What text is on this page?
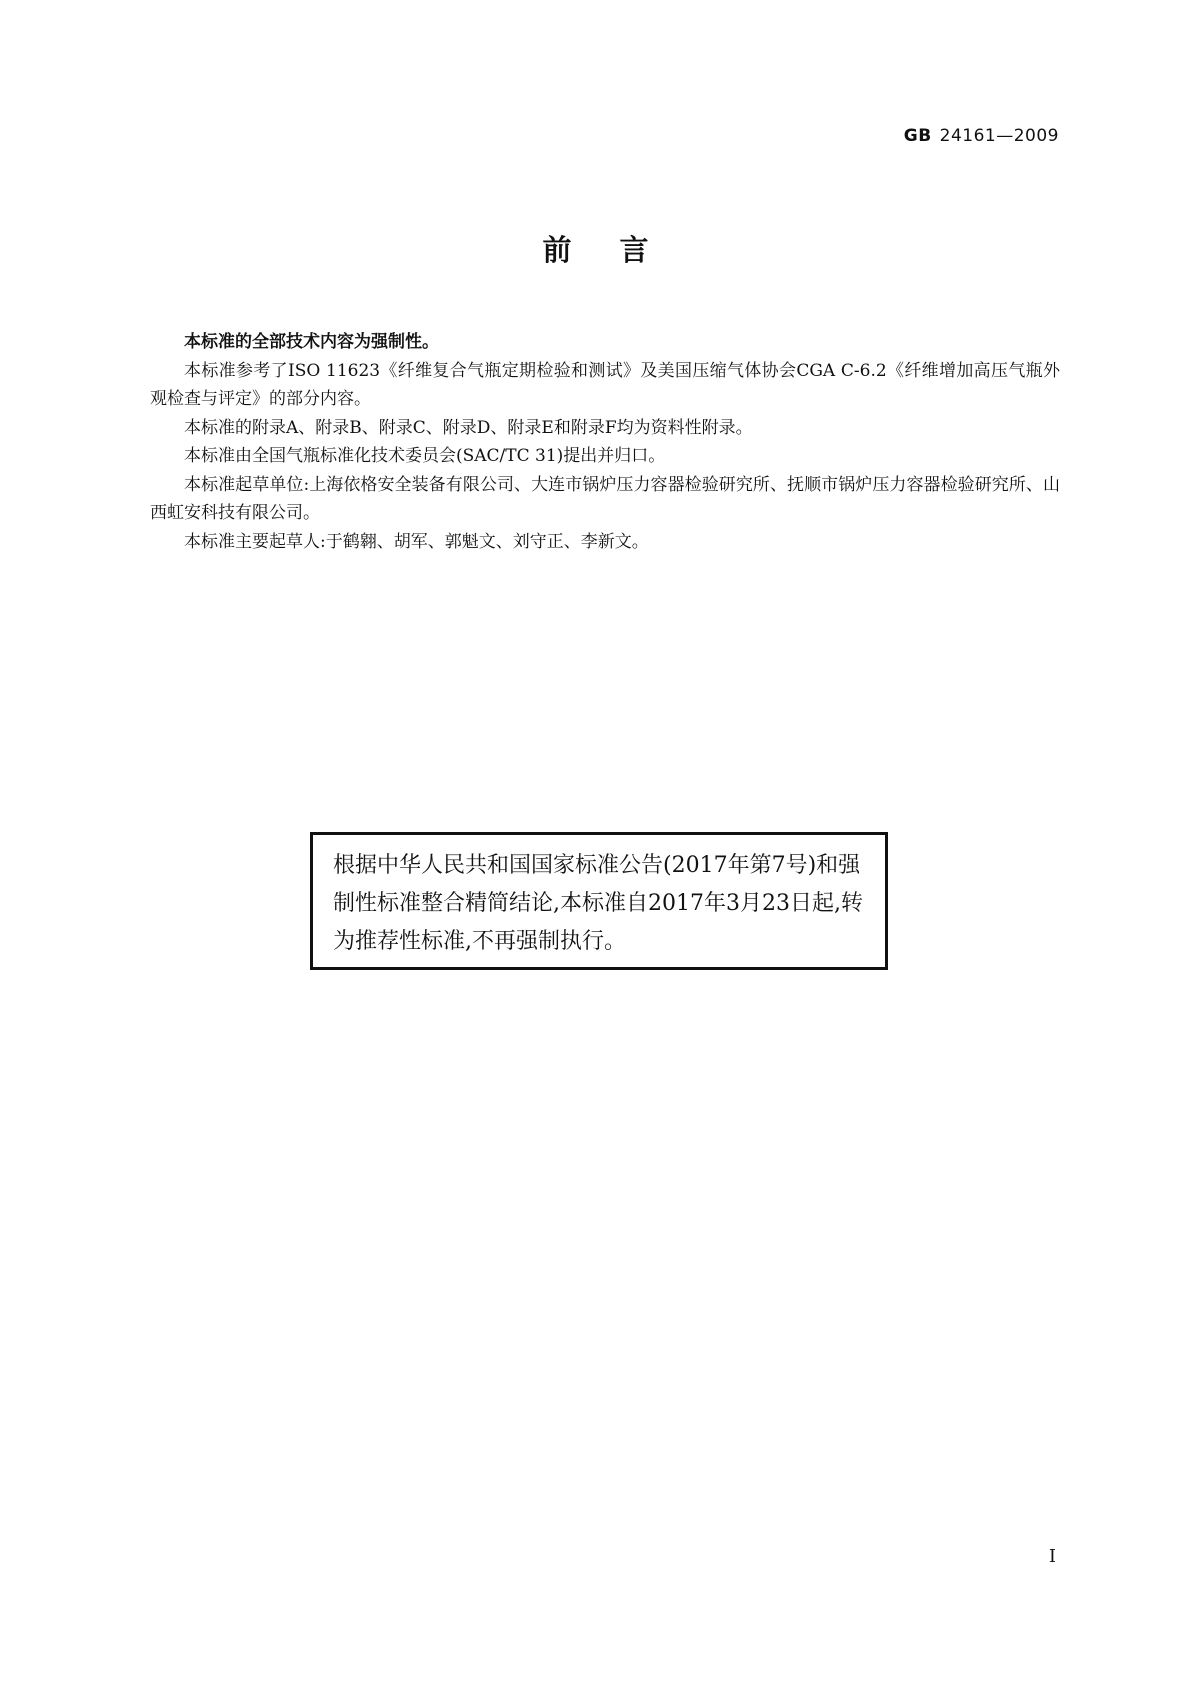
GB 24161—2009
前言

本标准的全部技术内容为强制性。

本标准参考了ISO 11623《纤维复合气瓶定期检验和测试》及美国压缩气体协会CGA C-6.2《纤维增加高压气瓶外观检查与评定》的部分内容。

本标准的附录A、附录B、附录C、附录D、附录E和附录F均为资料性附录。

本标准由全国气瓶标准化技术委员会(SAC/TC 31)提出并归口。

本标准起草单位:上海依格安全装备有限公司、大连市锅炉压力容器检验研究所、抚顺市锅炉压力容器检验研究所、山西虹安科技有限公司。

本标准主要起草人:于鹤翱、胡军、郭魁文、刘守正、李新文。

根据中华人民共和国国家标准公告(2017年第7号)和强制性标准整合精简结论,本标准自2017年3月23日起,转为推荐性标准,不再强制执行。
I
